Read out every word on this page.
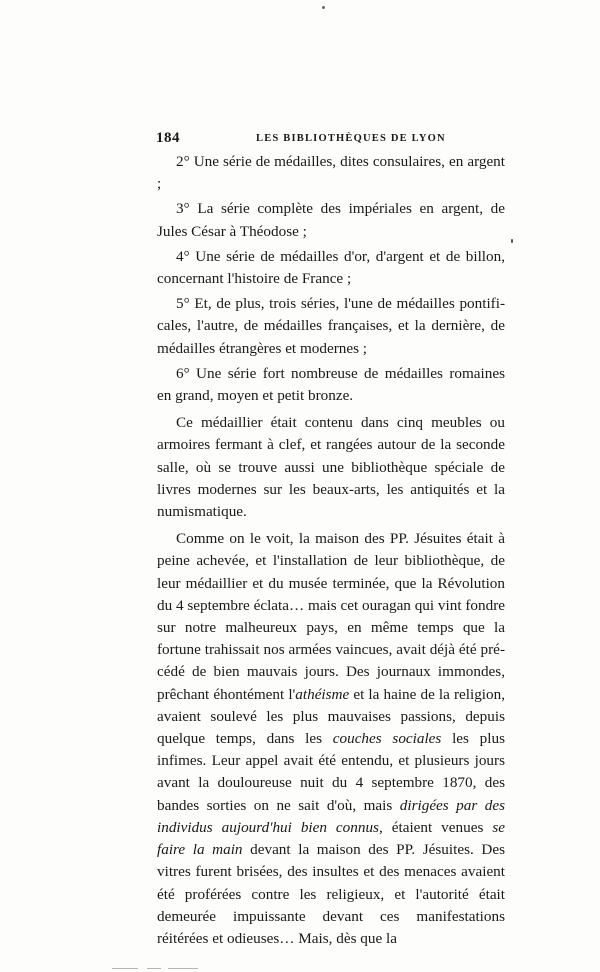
184	LES BIBLIOTHÈQUES DE LYON

2° Une série de médailles, dites consulaires, en argent ;

3° La série complète des impériales en argent, de Jules César à Théodose ;

4° Une série de médailles d'or, d'argent et de billon, concernant l'histoire de France ;

5° Et, de plus, trois séries, l'une de médailles pontificales, l'autre, de médailles françaises, et la dernière, de médailles étrangères et modernes ;

6° Une série fort nombreuse de médailles romaines en grand, moyen et petit bronze.

Ce médaillier était contenu dans cinq meubles ou armoires fermant à clef, et rangées autour de la seconde salle, où se trouve aussi une bibliothèque spéciale de livres modernes sur les beaux-arts, les antiquités et la numismatique.

Comme on le voit, la maison des PP. Jésuites était à peine achevée, et l'installation de leur bibliothèque, de leur médaillier et du musée terminée, que la Révolution du 4 septembre éclata… mais cet ouragan qui vint fondre sur notre malheureux pays, en même temps que la fortune trahissait nos armées vaincues, avait déjà été précédé de bien mauvais jours. Des journaux immondes, prêchant éhontément l'athéisme et la haine de la religion, avaient soulevé les plus mauvaises passions, depuis quelque temps, dans les couches sociales les plus infimes. Leur appel avait été entendu, et plusieurs jours avant la douloureuse nuit du 4 septembre 1870, des bandes sorties on ne sait d'où, mais dirigées par des individus aujourd'hui bien connus, étaient venues se faire la main devant la maison des PP. Jésuites. Des vitres furent brisées, des insultes et des menaces avaient été proférées contre les religieux, et l'autorité était demeurée impuissante devant ces manifestations réitérées et odieuses… Mais, dès que la
